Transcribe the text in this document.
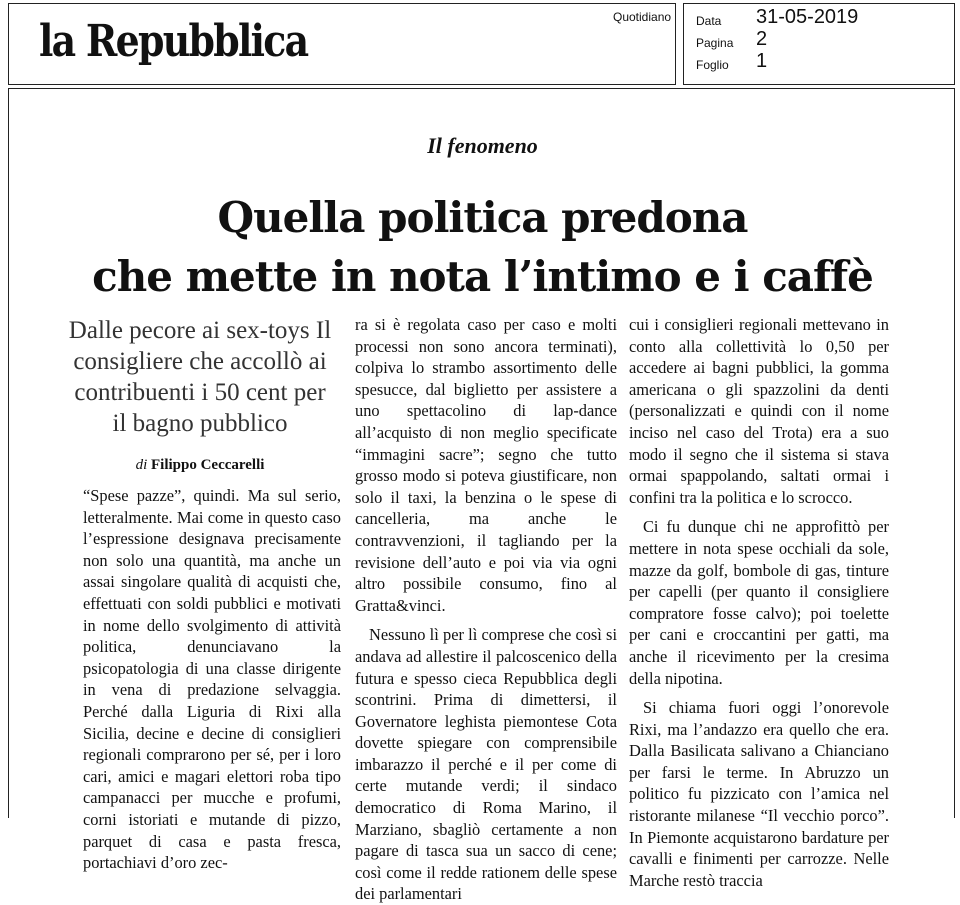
la Repubblica	Quotidiano Data 31-05-2019
Pagina 2
Foglio 1
Il fenomeno
Quella politica predona
che mette in nota l’intimo e i caffè
Dalle pecore ai sex-toys Il consigliere che accollò ai contribuenti i 50 cent per il bagno pubblico
di Filippo Ceccarelli

“Spese pazze”, quindi. Ma sul serio, letteralmente. Mai come in questo caso l’espressione designava precisamente non solo una quantità, ma anche un assai singolare qualità di acquisti che, effettuati con soldi pubblici e motivati in nome dello svolgimento di attività politica, denunciavano la psicopatologia di una classe dirigente in vena di predazione selvaggia. Perché dalla Liguria di Rixi alla Sicilia, decine e decine di consiglieri regionali comprarono per sé, per i loro cari, amici e magari elettori roba tipo campanacci per mucche e profumi, corni istoriati e mutande di pizzo, parquet di casa e pasta fresca, portachiavi d’oro zec-

ra si è regolata caso per caso e molti processi non sono ancora terminati), colpiva lo strambo assortimento delle spesucce, dal biglietto per assistere a uno spettacolino di lap-dance all’acquisto di non meglio specificate “immagini sacre”; segno che tutto grosso modo si poteva giustificare, non solo il taxi, la benzina o le spese di cancelleria, ma anche le contravvenzioni, il tagliando per la revisione dell’auto e poi via via ogni altro possibile consumo, fino al Gratta&vinci.

Nessuno lì per lì comprese che così si andava ad allestire il palcoscenico della futura e spesso cieca Repubblica degli scontrini. Prima di dimettersi, il Governatore leghista piemontese Cota dovette spiegare con comprensibile imbarazzo il perché e il per come di certe mutande verdi; il sindaco democratico di Roma Marino, il Marziano, sbagliò certamente a non pagare di tasca sua un sacco di cene; così come il redde rationem delle spese dei parlamentari

cui i consiglieri regionali mettevano in conto alla collettività lo 0,50 per accedere ai bagni pubblici, la gomma americana o gli spazzolini da denti (personalizzati e quindi con il nome inciso nel caso del Trota) era a suo modo il segno che il sistema si stava ormai spappolando, saltati ormai i confini tra la politica e lo scrocco.

Ci fu dunque chi ne approfittò per mettere in nota spese occhiali da sole, mazze da golf, bombole di gas, tinture per capelli (per quanto il consigliere compratore fosse calvo); poi toelette per cani e croccantini per gatti, ma anche il ricevimento per la cresima della nipotina.

Si chiama fuori oggi l’onorevole Rixi, ma l’andazzo era quello che era. Dalla Basilicata salivano a Chianciano per farsi le terme. In Abruzzo un politico fu pizzicato con l’amica nel ristorante milanese “Il vecchio porco”. In Piemonte acquistarono bardature per cavalli e finimenti per carrozze. Nelle Marche restò traccia
